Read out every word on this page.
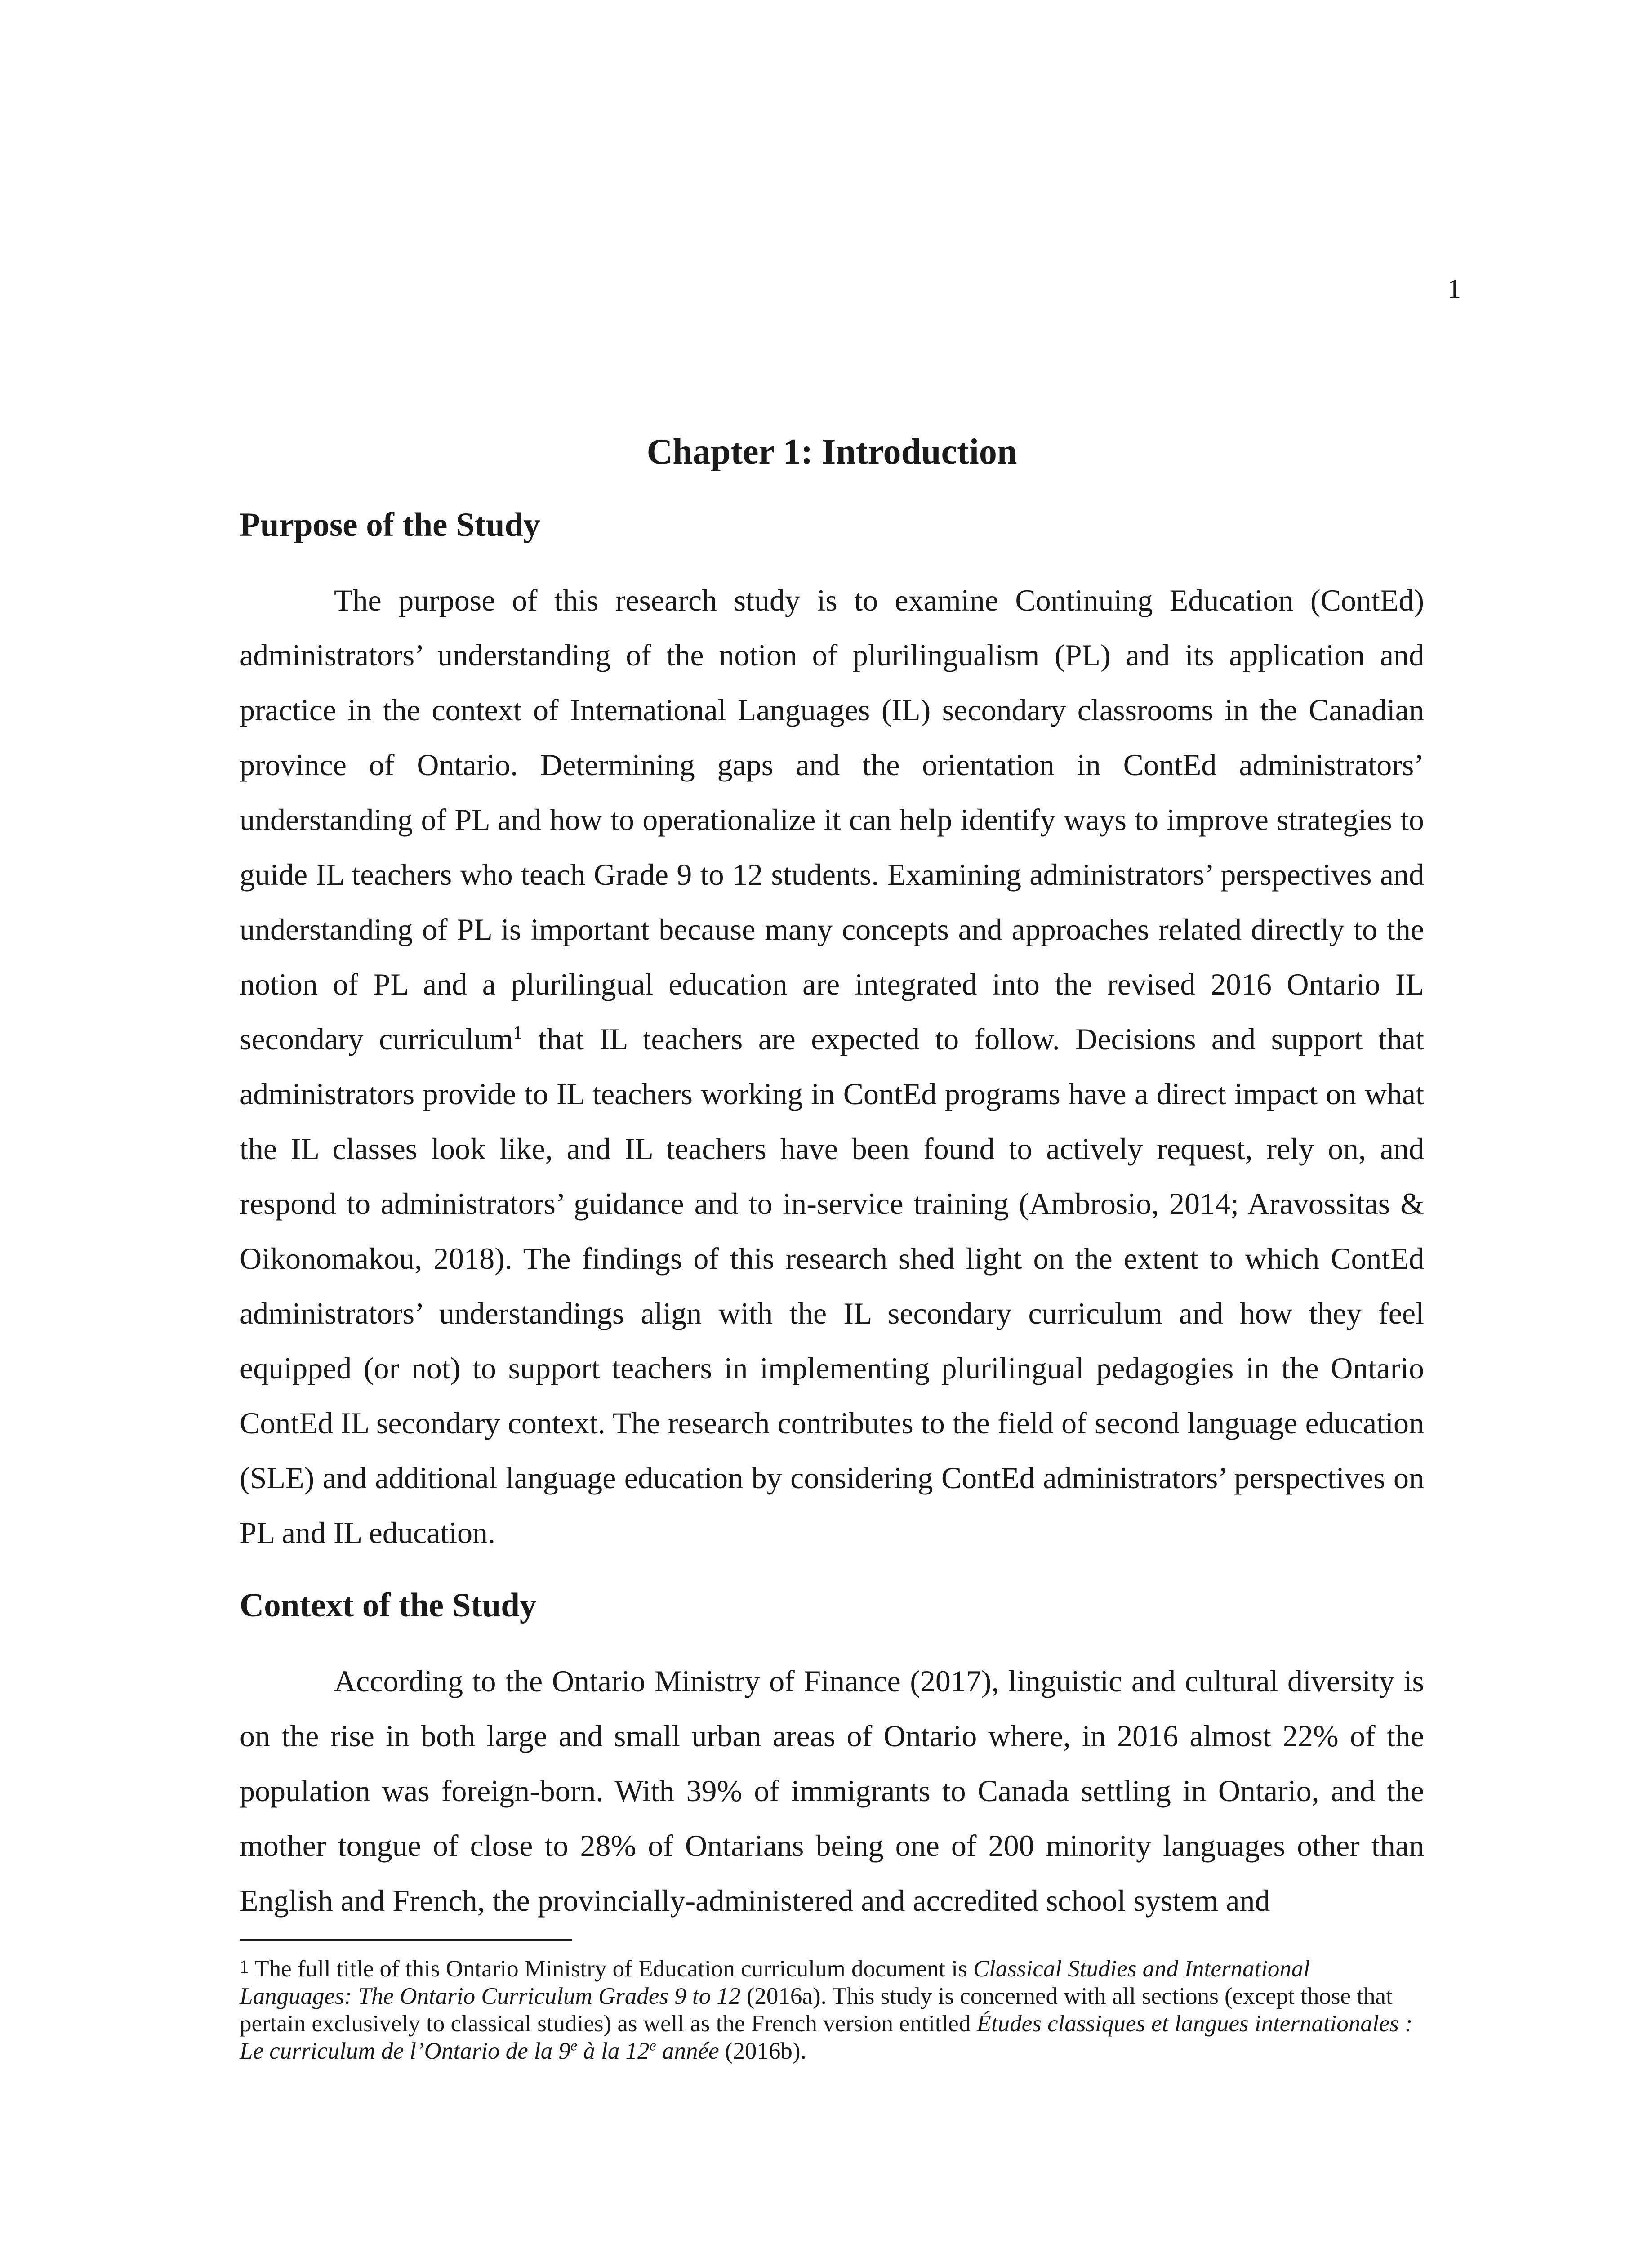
1
Chapter 1: Introduction
Purpose of the Study

The purpose of this research study is to examine Continuing Education (ContEd) administrators’ understanding of the notion of plurilingualism (PL) and its application and practice in the context of International Languages (IL) secondary classrooms in the Canadian province of Ontario. Determining gaps and the orientation in ContEd administrators’ understanding of PL and how to operationalize it can help identify ways to improve strategies to guide IL teachers who teach Grade 9 to 12 students. Examining administrators’ perspectives and understanding of PL is important because many concepts and approaches related directly to the notion of PL and a plurilingual education are integrated into the revised 2016 Ontario IL secondary curriculum$^1$ that IL teachers are expected to follow. Decisions and support that administrators provide to IL teachers working in ContEd programs have a direct impact on what the IL classes look like, and IL teachers have been found to actively request, rely on, and respond to administrators’ guidance and to in-service training (Ambrosio, 2014; Aravossitas & Oikonomakou, 2018). The findings of this research shed light on the extent to which ContEd administrators’ understandings align with the IL secondary curriculum and how they feel equipped (or not) to support teachers in implementing plurilingual pedagogies in the Ontario ContEd IL secondary context. The research contributes to the field of second language education (SLE) and additional language education by considering ContEd administrators’ perspectives on PL and IL education.

Context of the Study

According to the Ontario Ministry of Finance (2017), linguistic and cultural diversity is on the rise in both large and small urban areas of Ontario where, in 2016 almost 22% of the population was foreign-born. With 39% of immigrants to Canada settling in Ontario, and the mother tongue of close to 28% of Ontarians being one of 200 minority languages other than English and French, the provincially-administered and accredited school system and

1 The full title of this Ontario Ministry of Education curriculum document is Classical Studies and International Languages: The Ontario Curriculum Grades 9 to 12 (2016a). This study is concerned with all sections (except those that pertain exclusively to classical studies) as well as the French version entitled Études classiques et langues internationales : Le curriculum de l’Ontario de la 9e à la 12e année (2016b).
